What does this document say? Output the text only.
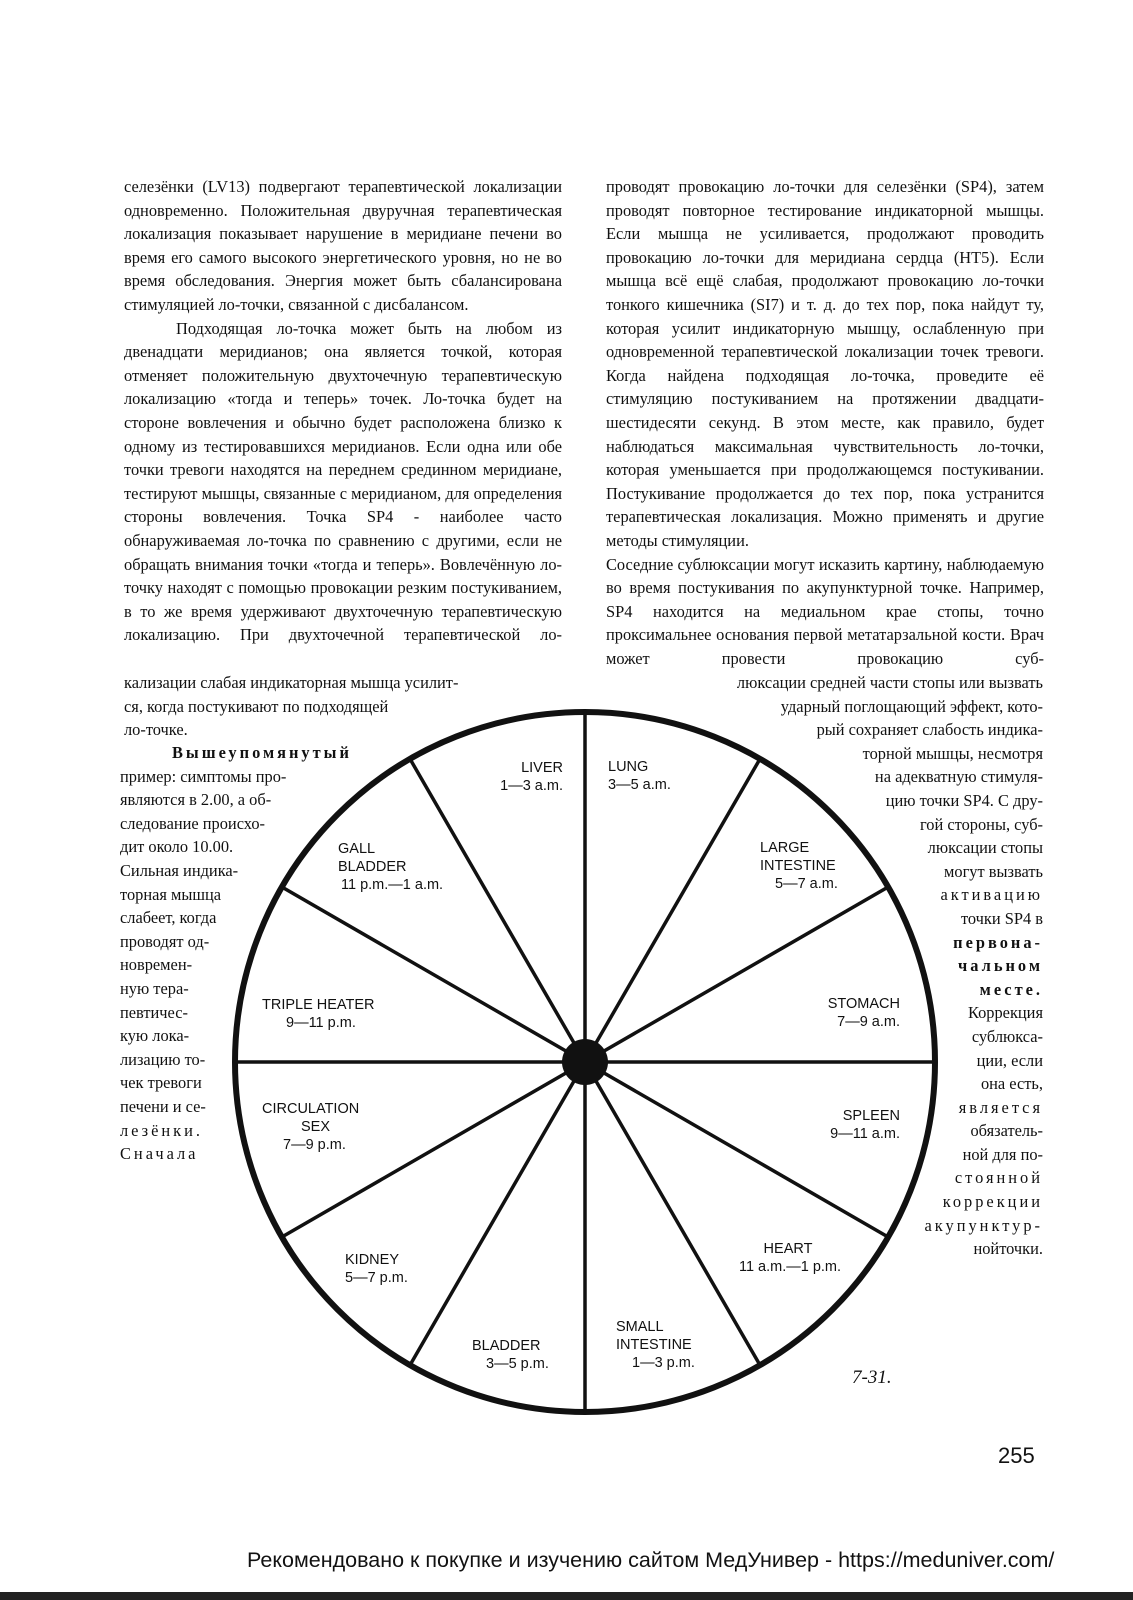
селезёнки (LV13) подвергают терапевтической локализации одновременно. Положительная двуручная терапевтическая локализация показывает нарушение в меридиане печени во время его самого высокого энергетического уровня, но не во время обследования. Энергия может быть сбалансирована стимуляцией ло-точки, связанной с дисбалансом.

Подходящая ло-точка может быть на любом из двенадцати меридианов; она является точкой, которая отменяет положительную двухточечную терапевтическую локализацию «тогда и теперь» точек. Ло-точка будет на стороне вовлечения и обычно будет расположена близко к одному из тестировавшихся меридианов. Если одна или обе точки тревоги находятся на переднем срединном меридиане, тестируют мышцы, связанные с меридианом, для определения стороны вовлечения. Точка SP4 - наиболее часто обнаруживаемая ло-точка по сравнению с другими, если не обращать внимания точки «тогда и теперь». Вовлечённую ло-точку находят с помощью провокации резким постукиванием, в то же время удерживают двухточечную терапевтическую локализацию. При двухточечной терапевтической ло-

кализации слабая индикаторная мышца усилит-
ся, когда постукивают по подходящей
ло-точке.

Вышеупомянутый

пример: симптомы про-

являются в 2.00, а об-

следование происхо-

дит около 10.00.

Сильная индика-

торная мышца

слабеет, когда

проводят од-

новремен-

ную тера-

певтичес-

кую лока-

лизацию то-

чек тревоги

печени и се-

лезёнки.

Сначала

проводят провокацию ло-точки для селезёнки (SP4), затем проводят повторное тестирование индикаторной мышцы. Если мышца не усиливается, продолжают проводить провокацию ло-точки для меридиана сердца (НТ5). Если мышца всё ещё слабая, продолжают провокацию ло-точки тонкого кишечника (SI7) и т. д. до тех пор, пока найдут ту, которая усилит индикаторную мышцу, ослабленную при одновременной терапевтической локализации точек тревоги. Когда найдена подходящая ло-точка, проведите её стимуляцию постукиванием на протяжении двадцати- шестидесяти секунд. В этом месте, как правило, будет наблюдаться максимальная чувствительность ло-точки, которая уменьшается при продолжающемся постукивании. Постукивание продолжается до тех пор, пока устранится терапевтическая локализация. Можно применять и другие методы стимуляции.

Соседние сублюксации могут исказить картину, наблюдаемую во время постукивания по акупунктурной точке. Например, SP4 находится на медиальном крае стопы, точно проксимальнее основания первой метатарзальной кости. Врач может провести провокацию суб-

люксации средней части стопы или вызвать

ударный поглощающий эффект, кото-

рый сохраняет слабость индика-

торной мышцы, несмотря

на адекватную стимуля-

цию точки SP4. С дру-

гой стороны, суб-

люксации стопы

могут вызвать

активацию

точки SP4 в

первона-

чальном

месте.

Коррекция

сублюкса-

ции, если

она есть,

является

обязатель-

ной для по-

стоянной

коррекции

акупунктур-

нойточки.

LUNG
3—5 a.m.
LIVER
1—3 a.m.
GALL
BLADDER
11 p.m.—1 a.m.
TRIPLE HEATER
9—11 p.m.
CIRCULATION
SEX
7—9 p.m.
KIDNEY
5—7 p.m.
BLADDER
3—5 p.m.
SMALL
INTESTINE
1—3 p.m.
HEART
11 a.m.—1 p.m.
SPLEEN
9—11 a.m.
STOMACH
7—9 a.m.
LARGE
INTESTINE
5—7 a.m.
7-31.
255
Рекомендовано к покупке и изучению сайтом МедУнивер - https://meduniver.com/
